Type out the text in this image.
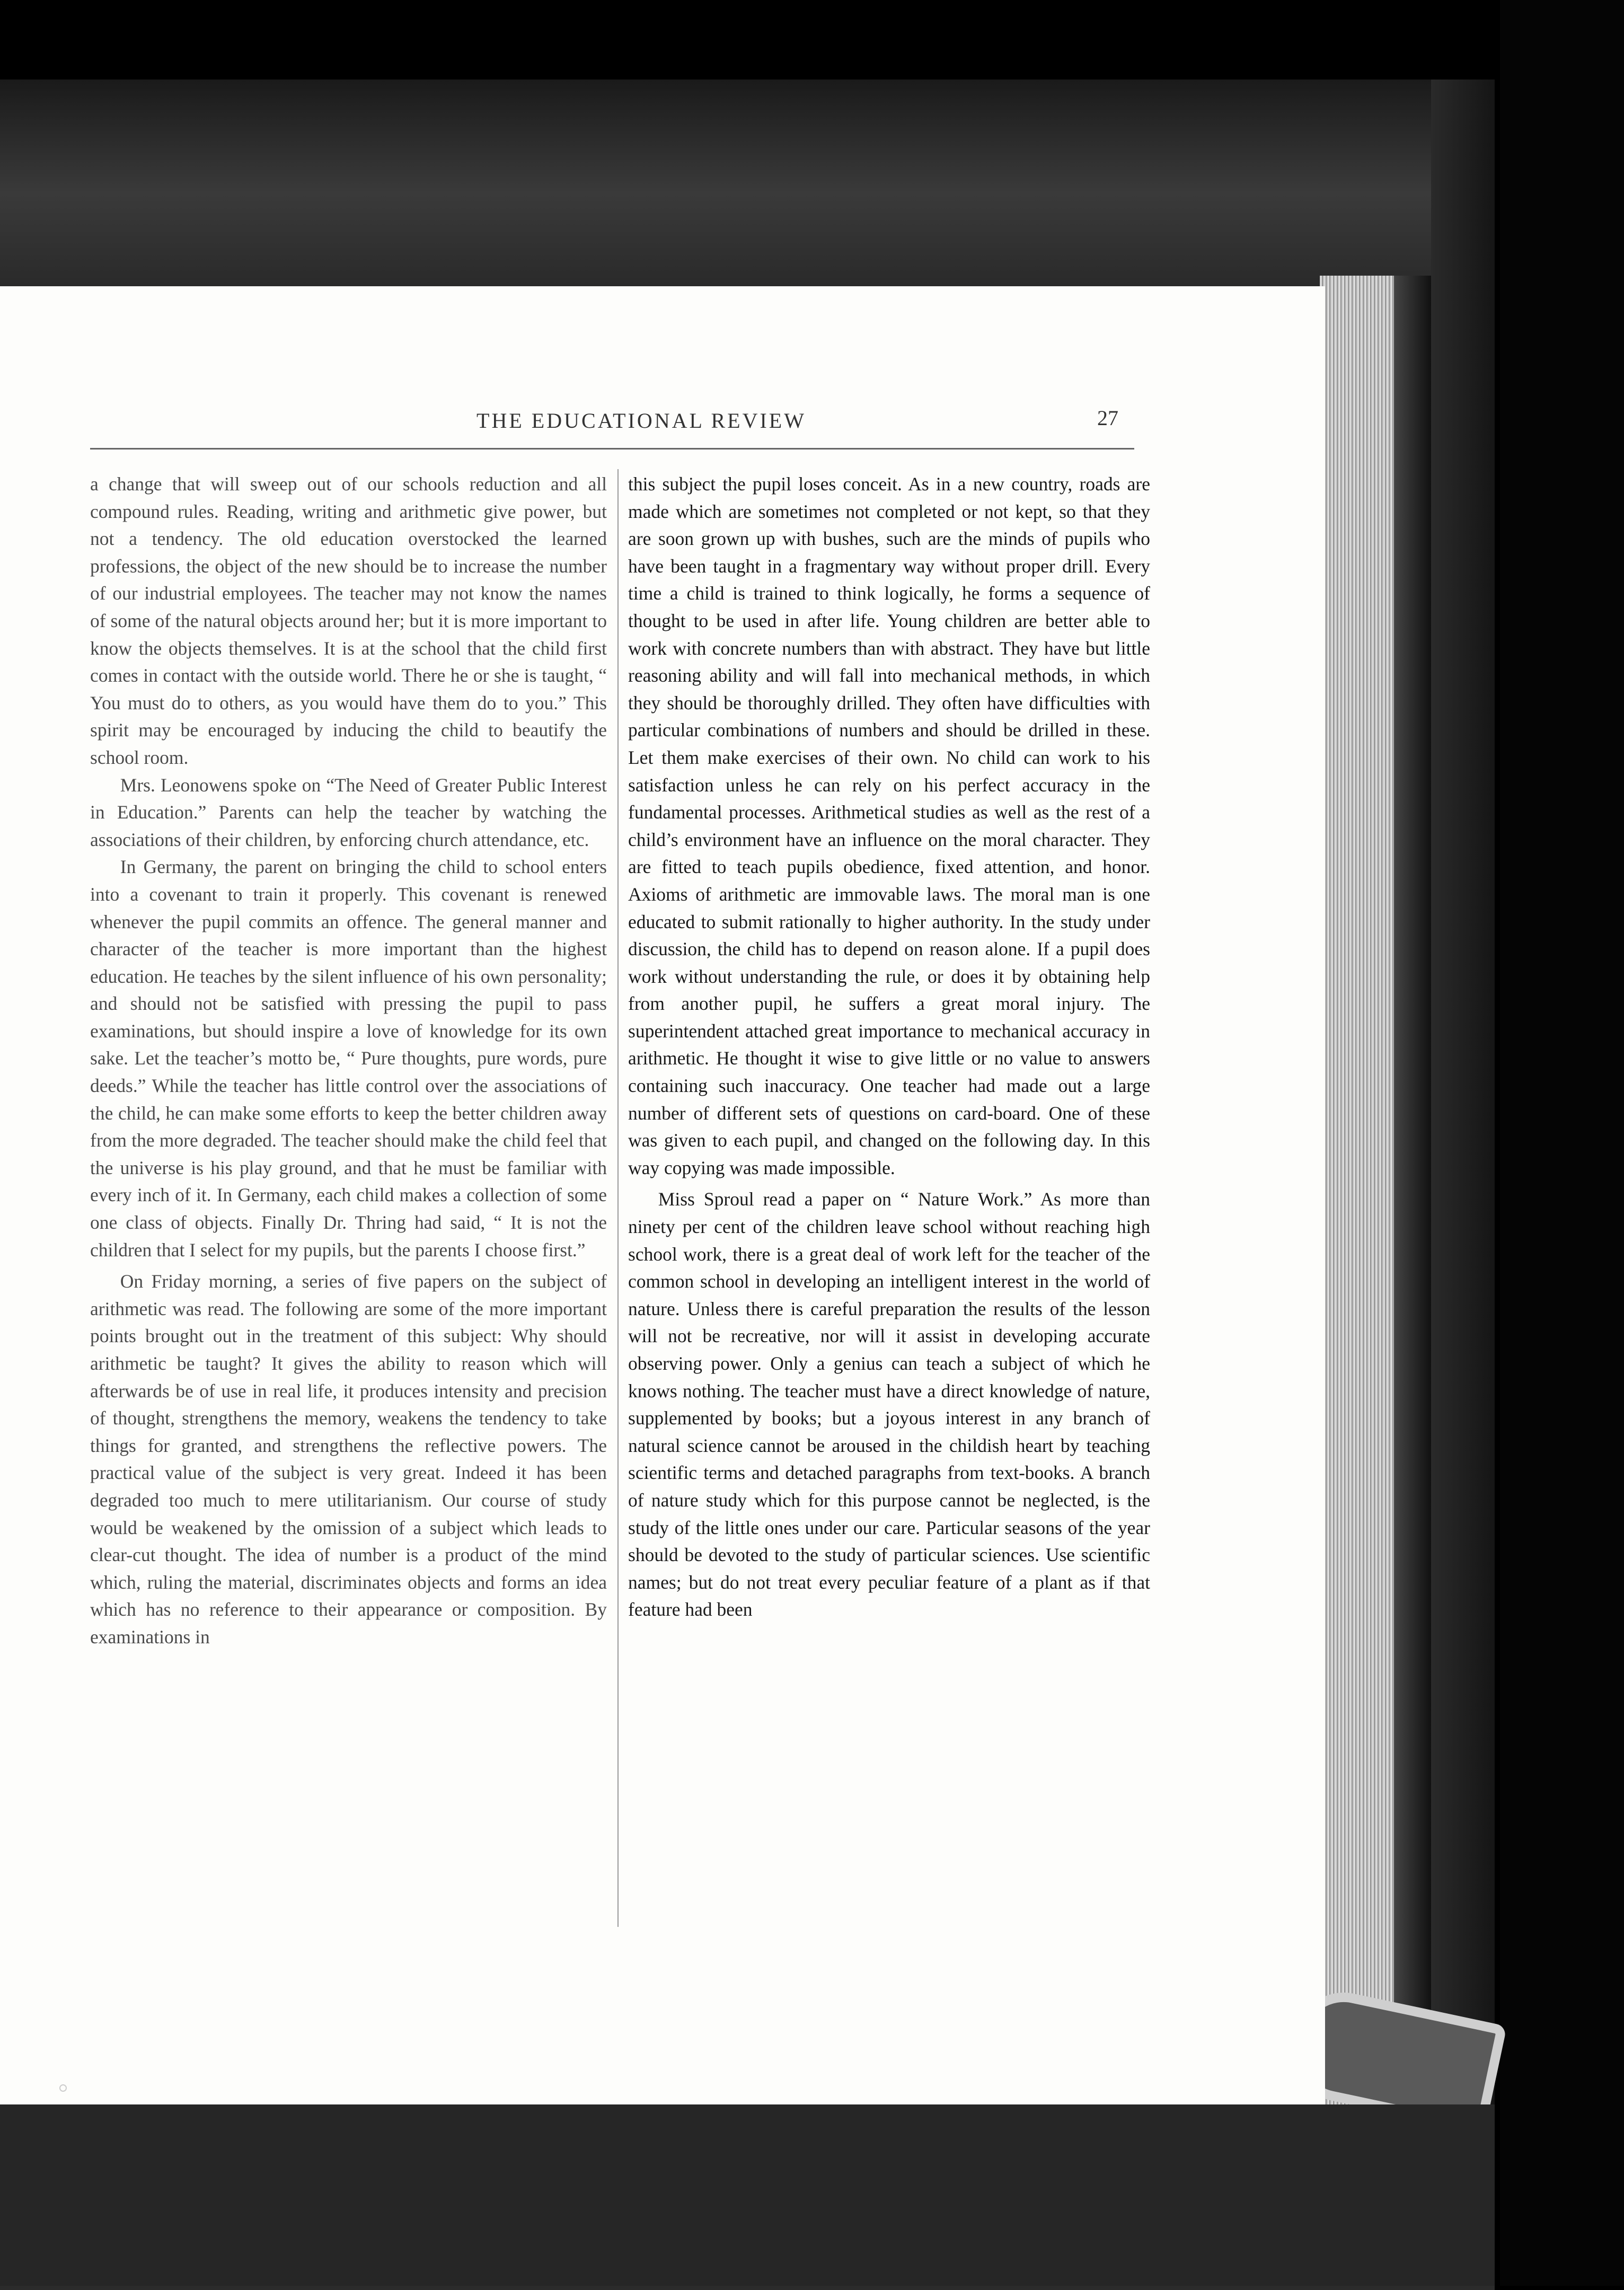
THE EDUCATIONAL REVIEW	27

a change that will sweep out of our schools reduction and all compound rules. Reading, writing and arithmetic give power, but not a tendency. The old education overstocked the learned professions, the object of the new should be to increase the number of our industrial employees. The teacher may not know the names of some of the natural objects around her; but it is more important to know the objects themselves. It is at the school that the child first comes in contact with the outside world. There he or she is taught, “ You must do to others, as you would have them do to you.” This spirit may be encouraged by inducing the child to beautify the school room.

Mrs. Leonowens spoke on “The Need of Greater Public Interest in Education.” Parents can help the teacher by watching the associations of their children, by enforcing church attendance, etc.

In Germany, the parent on bringing the child to school enters into a covenant to train it properly. This covenant is renewed whenever the pupil commits an offence. The general manner and character of the teacher is more important than the highest education. He teaches by the silent influence of his own personality; and should not be satisfied with pressing the pupil to pass examinations, but should inspire a love of knowledge for its own sake. Let the teacher’s motto be, “ Pure thoughts, pure words, pure deeds.” While the teacher has little control over the associations of the child, he can make some efforts to keep the better children away from the more degraded. The teacher should make the child feel that the universe is his play ground, and that he must be familiar with every inch of it. In Germany, each child makes a collection of some one class of objects. Finally Dr. Thring had said, “ It is not the children that I select for my pupils, but the parents I choose first.”

On Friday morning, a series of five papers on the subject of arithmetic was read. The following are some of the more important points brought out in the treatment of this subject: Why should arithmetic be taught? It gives the ability to reason which will afterwards be of use in real life, it produces intensity and precision of thought, strengthens the memory, weakens the tendency to take things for granted, and strengthens the reflective powers. The practical value of the subject is very great. Indeed it has been degraded too much to mere utilitarianism. Our course of study would be weakened by the omission of a subject which leads to clear-cut thought. The idea of number is a product of the mind which, ruling the material, discriminates objects and forms an idea which has no reference to their appearance or composition. By examinations in

this subject the pupil loses conceit. As in a new country, roads are made which are sometimes not completed or not kept, so that they are soon grown up with bushes, such are the minds of pupils who have been taught in a fragmentary way without proper drill. Every time a child is trained to think logically, he forms a sequence of thought to be used in after life. Young children are better able to work with concrete numbers than with abstract. They have but little reasoning ability and will fall into mechanical methods, in which they should be thoroughly drilled. They often have difficulties with particular combinations of numbers and should be drilled in these. Let them make exercises of their own. No child can work to his satisfaction unless he can rely on his perfect accuracy in the fundamental processes. Arithmetical studies as well as the rest of a child’s environment have an influence on the moral character. They are fitted to teach pupils obedience, fixed attention, and honor. Axioms of arithmetic are immovable laws. The moral man is one educated to submit rationally to higher authority. In the study under discussion, the child has to depend on reason alone. If a pupil does work without understanding the rule, or does it by obtaining help from another pupil, he suffers a great moral injury. The superintendent attached great importance to mechanical accuracy in arithmetic. He thought it wise to give little or no value to answers containing such inaccuracy. One teacher had made out a large number of different sets of questions on card-board. One of these was given to each pupil, and changed on the following day. In this way copying was made impossible.

Miss Sproul read a paper on “ Nature Work.” As more than ninety per cent of the children leave school without reaching high school work, there is a great deal of work left for the teacher of the common school in developing an intelligent interest in the world of nature. Unless there is careful preparation the results of the lesson will not be recreative, nor will it assist in developing accurate observing power. Only a genius can teach a subject of which he knows nothing. The teacher must have a direct knowledge of nature, supplemented by books; but a joyous interest in any branch of natural science cannot be aroused in the childish heart by teaching scientific terms and detached paragraphs from text-books. A branch of nature study which for this purpose cannot be neglected, is the study of the little ones under our care. Particular seasons of the year should be devoted to the study of particular sciences. Use scientific names; but do not treat every peculiar feature of a plant as if that feature had been
